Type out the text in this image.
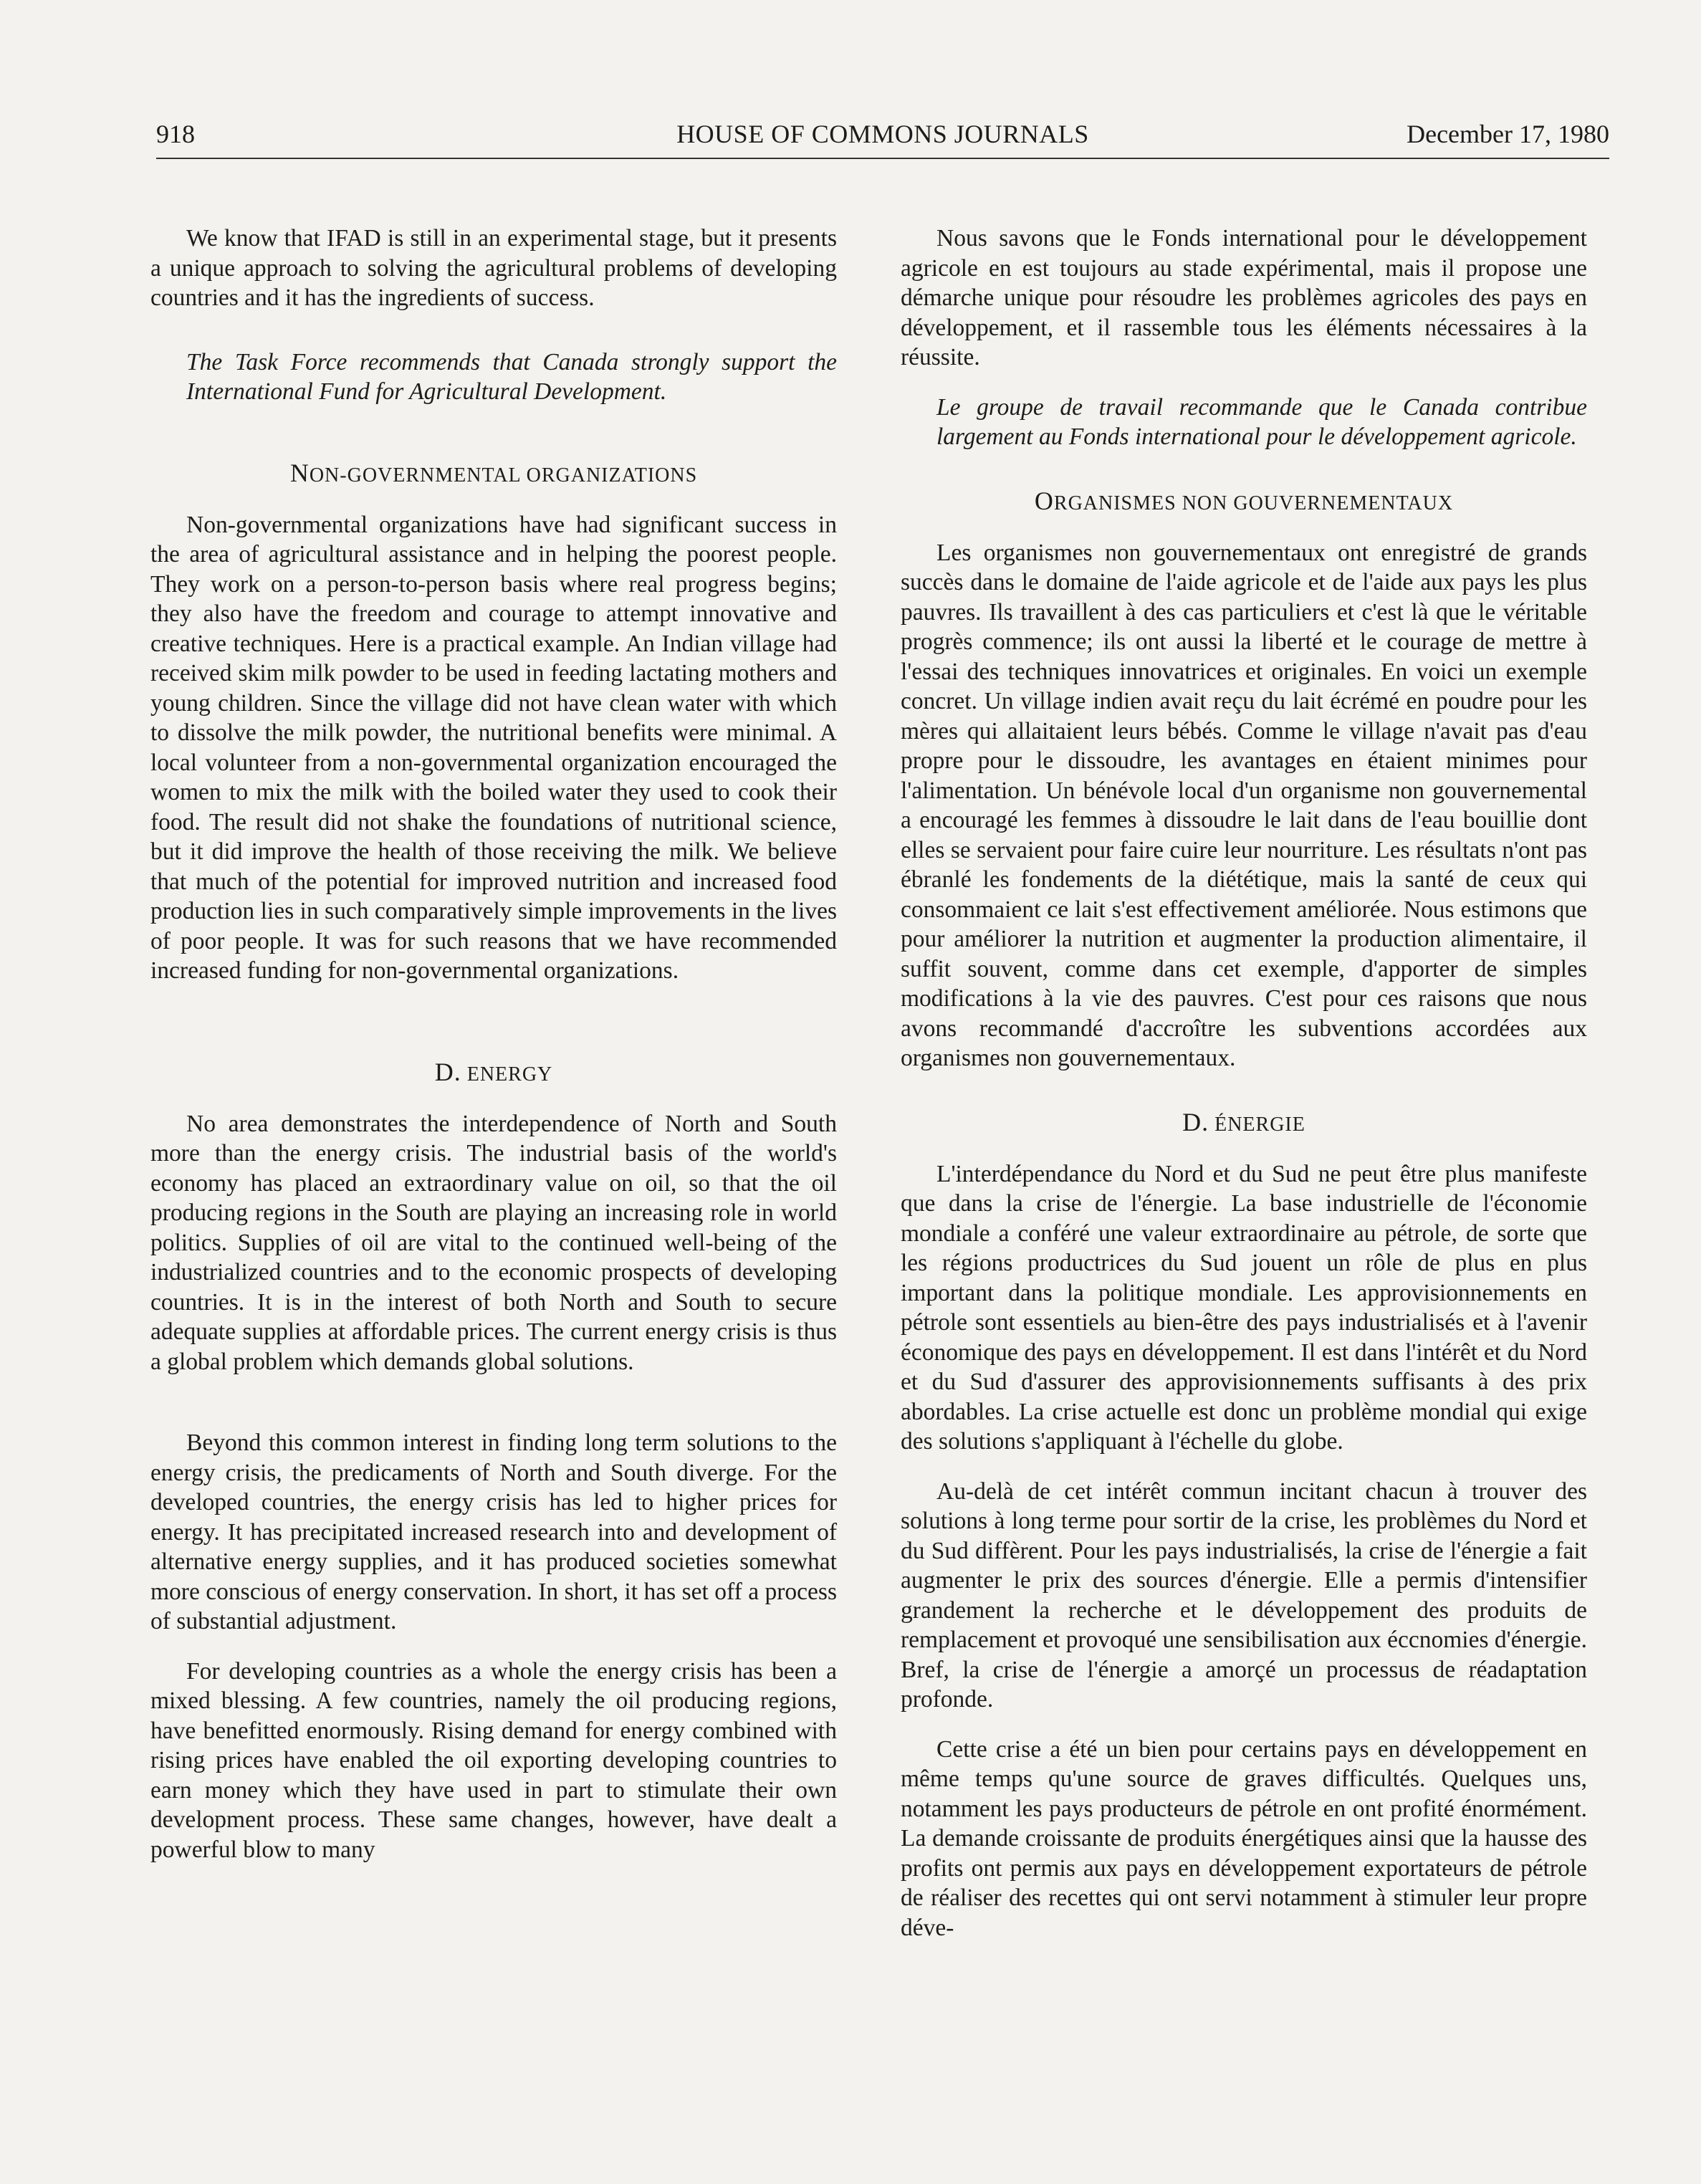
918	HOUSE OF COMMONS JOURNALS	December 17, 1980

We know that IFAD is still in an experimental stage, but it presents a unique approach to solving the agricultural problems of developing countries and it has the ingredients of success.

The Task Force recommends that Canada strongly support the International Fund for Agricultural Development.

NON-GOVERNMENTAL ORGANIZATIONS

Non-governmental organizations have had significant success in the area of agricultural assistance and in helping the poorest people. They work on a person-to-person basis where real progress begins; they also have the freedom and courage to attempt innovative and creative techniques. Here is a practical example. An Indian village had received skim milk powder to be used in feeding lactating mothers and young children. Since the village did not have clean water with which to dissolve the milk powder, the nutritional benefits were minimal. A local volunteer from a non-governmental organization encouraged the women to mix the milk with the boiled water they used to cook their food. The result did not shake the foundations of nutritional science, but it did improve the health of those receiving the milk. We believe that much of the potential for improved nutrition and increased food production lies in such comparatively simple improvements in the lives of poor people. It was for such reasons that we have recommended increased funding for non-governmental organizations.

D. ENERGY

No area demonstrates the interdependence of North and South more than the energy crisis. The industrial basis of the world's economy has placed an extraordinary value on oil, so that the oil producing regions in the South are playing an increasing role in world politics. Supplies of oil are vital to the continued well-being of the industrialized countries and to the economic prospects of developing countries. It is in the interest of both North and South to secure adequate supplies at affordable prices. The current energy crisis is thus a global problem which demands global solutions.

Beyond this common interest in finding long term solutions to the energy crisis, the predicaments of North and South diverge. For the developed countries, the energy crisis has led to higher prices for energy. It has precipitated increased research into and development of alternative energy supplies, and it has produced societies somewhat more conscious of energy conservation. In short, it has set off a process of substantial adjustment.

For developing countries as a whole the energy crisis has been a mixed blessing. A few countries, namely the oil producing regions, have benefitted enormously. Rising demand for energy combined with rising prices have enabled the oil exporting developing countries to earn money which they have used in part to stimulate their own development process. These same changes, however, have dealt a powerful blow to many

Nous savons que le Fonds international pour le développement agricole en est toujours au stade expérimental, mais il propose une démarche unique pour résoudre les problèmes agricoles des pays en développement, et il rassemble tous les éléments nécessaires à la réussite.

Le groupe de travail recommande que le Canada contribue largement au Fonds international pour le développement agricole.

ORGANISMES NON GOUVERNEMENTAUX

Les organismes non gouvernementaux ont enregistré de grands succès dans le domaine de l'aide agricole et de l'aide aux pays les plus pauvres. Ils travaillent à des cas particuliers et c'est là que le véritable progrès commence; ils ont aussi la liberté et le courage de mettre à l'essai des techniques innovatrices et originales. En voici un exemple concret. Un village indien avait reçu du lait écrémé en poudre pour les mères qui allaitaient leurs bébés. Comme le village n'avait pas d'eau propre pour le dissoudre, les avantages en étaient minimes pour l'alimentation. Un bénévole local d'un organisme non gouvernemental a encouragé les femmes à dissoudre le lait dans de l'eau bouillie dont elles se servaient pour faire cuire leur nourriture. Les résultats n'ont pas ébranlé les fondements de la diététique, mais la santé de ceux qui consommaient ce lait s'est effectivement améliorée. Nous estimons que pour améliorer la nutrition et augmenter la production alimentaire, il suffit souvent, comme dans cet exemple, d'apporter de simples modifications à la vie des pauvres. C'est pour ces raisons que nous avons recommandé d'accroître les subventions accordées aux organismes non gouvernementaux.

D. ÉNERGIE

L'interdépendance du Nord et du Sud ne peut être plus manifeste que dans la crise de l'énergie. La base industrielle de l'économie mondiale a conféré une valeur extraordinaire au pétrole, de sorte que les régions productrices du Sud jouent un rôle de plus en plus important dans la politique mondiale. Les approvisionnements en pétrole sont essentiels au bien-être des pays industrialisés et à l'avenir économique des pays en développement. Il est dans l'intérêt et du Nord et du Sud d'assurer des approvisionnements suffisants à des prix abordables. La crise actuelle est donc un problème mondial qui exige des solutions s'appliquant à l'échelle du globe.

Au-delà de cet intérêt commun incitant chacun à trouver des solutions à long terme pour sortir de la crise, les problèmes du Nord et du Sud diffèrent. Pour les pays industrialisés, la crise de l'énergie a fait augmenter le prix des sources d'énergie. Elle a permis d'intensifier grandement la recherche et le développement des produits de remplacement et provoqué une sensibilisation aux éccnomies d'énergie. Bref, la crise de l'énergie a amorçé un processus de réadaptation profonde.

Cette crise a été un bien pour certains pays en développement en même temps qu'une source de graves difficultés. Quelques uns, notamment les pays producteurs de pétrole en ont profité énormément. La demande croissante de produits énergétiques ainsi que la hausse des profits ont permis aux pays en développement exportateurs de pétrole de réaliser des recettes qui ont servi notamment à stimuler leur propre déve-
